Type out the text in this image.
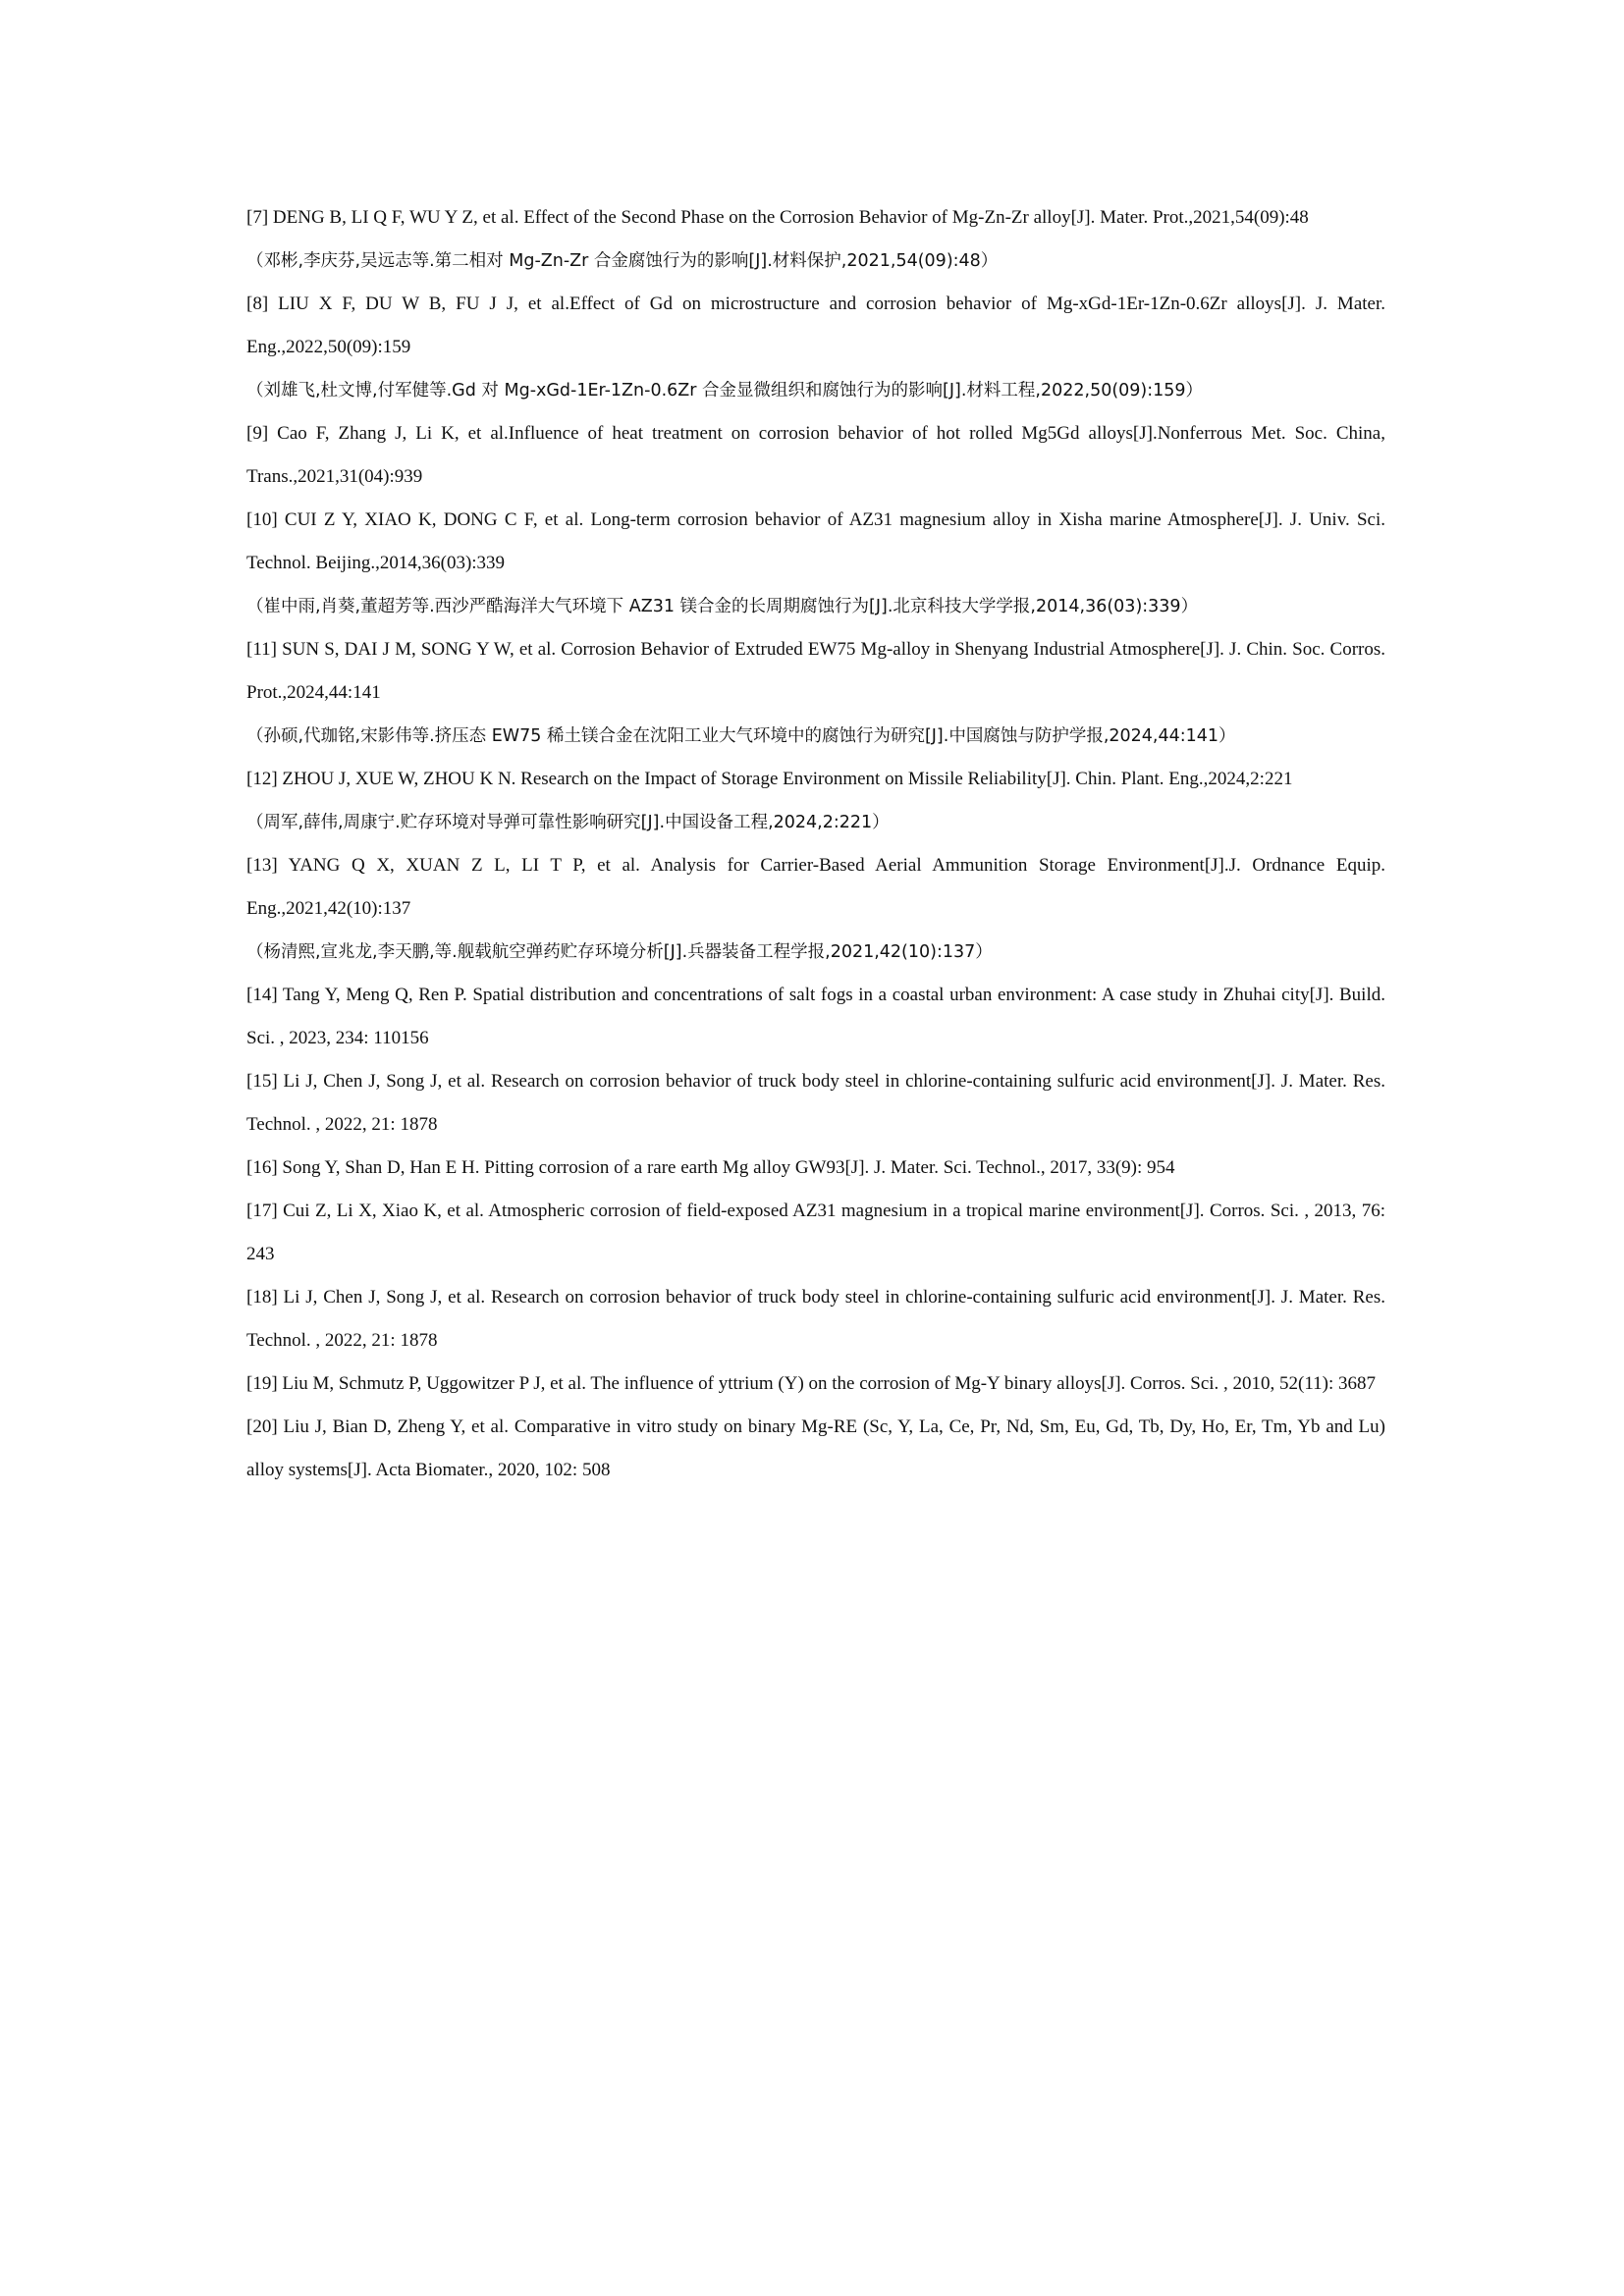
[7] DENG B, LI Q F, WU Y Z, et al. Effect of the Second Phase on the Corrosion Behavior of Mg-Zn-Zr alloy[J]. Mater. Prot.,2021,54(09):48

（邓彬,李庆芬,吴远志等.第二相对 Mg-Zn-Zr 合金腐蚀行为的影响[J].材料保护,2021,54(09):48）

[8] LIU X F, DU W B, FU J J, et al.Effect of Gd on microstructure and corrosion behavior of Mg-xGd-1Er-1Zn-0.6Zr alloys[J]. J. Mater. Eng.,2022,50(09):159

（刘雄飞,杜文博,付军健等.Gd 对 Mg-xGd-1Er-1Zn-0.6Zr 合金显微组织和腐蚀行为的影响[J].材料工程,2022,50(09):159）

[9] Cao F, Zhang J, Li K, et al.Influence of heat treatment on corrosion behavior of hot rolled Mg5Gd alloys[J].Nonferrous Met. Soc. China, Trans.,2021,31(04):939

[10] CUI Z Y, XIAO K, DONG C F, et al. Long-term corrosion behavior of AZ31 magnesium alloy in Xisha marine Atmosphere[J]. J. Univ. Sci. Technol. Beijing.,2014,36(03):339

（崔中雨,肖葵,董超芳等.西沙严酷海洋大气环境下 AZ31 镁合金的长周期腐蚀行为[J].北京科技大学学报,2014,36(03):339）

[11] SUN S, DAI J M, SONG Y W, et al. Corrosion Behavior of Extruded EW75 Mg-alloy in Shenyang Industrial Atmosphere[J]. J. Chin. Soc. Corros. Prot.,2024,44:141

（孙硕,代珈铭,宋影伟等.挤压态 EW75 稀土镁合金在沈阳工业大气环境中的腐蚀行为研究[J].中国腐蚀与防护学报,2024,44:141）

[12] ZHOU J, XUE W, ZHOU K N. Research on the Impact of Storage Environment on Missile Reliability[J]. Chin. Plant. Eng.,2024,2:221

（周军,薛伟,周康宁.贮存环境对导弹可靠性影响研究[J].中国设备工程,2024,2:221）

[13] YANG Q X, XUAN Z L, LI T P, et al. Analysis for Carrier-Based Aerial Ammunition Storage Environment[J].J. Ordnance Equip. Eng.,2021,42(10):137

（杨清熙,宣兆龙,李天鹏,等.舰载航空弹药贮存环境分析[J].兵器装备工程学报,2021,42(10):137）

[14] Tang Y, Meng Q, Ren P. Spatial distribution and concentrations of salt fogs in a coastal urban environment: A case study in Zhuhai city[J]. Build. Sci. , 2023, 234: 110156

[15] Li J, Chen J, Song J, et al. Research on corrosion behavior of truck body steel in chlorine-containing sulfuric acid environment[J]. J. Mater. Res. Technol. , 2022, 21: 1878

[16] Song Y, Shan D, Han E H. Pitting corrosion of a rare earth Mg alloy GW93[J]. J. Mater. Sci. Technol., 2017, 33(9): 954

[17] Cui Z, Li X, Xiao K, et al. Atmospheric corrosion of field-exposed AZ31 magnesium in a tropical marine environment[J]. Corros. Sci. , 2013, 76: 243

[18] Li J, Chen J, Song J, et al. Research on corrosion behavior of truck body steel in chlorine-containing sulfuric acid environment[J]. J. Mater. Res. Technol. , 2022, 21: 1878

[19] Liu M, Schmutz P, Uggowitzer P J, et al. The influence of yttrium (Y) on the corrosion of Mg-Y binary alloys[J]. Corros. Sci. , 2010, 52(11): 3687

[20] Liu J, Bian D, Zheng Y, et al. Comparative in vitro study on binary Mg-RE (Sc, Y, La, Ce, Pr, Nd, Sm, Eu, Gd, Tb, Dy, Ho, Er, Tm, Yb and Lu) alloy systems[J]. Acta Biomater., 2020, 102: 508
